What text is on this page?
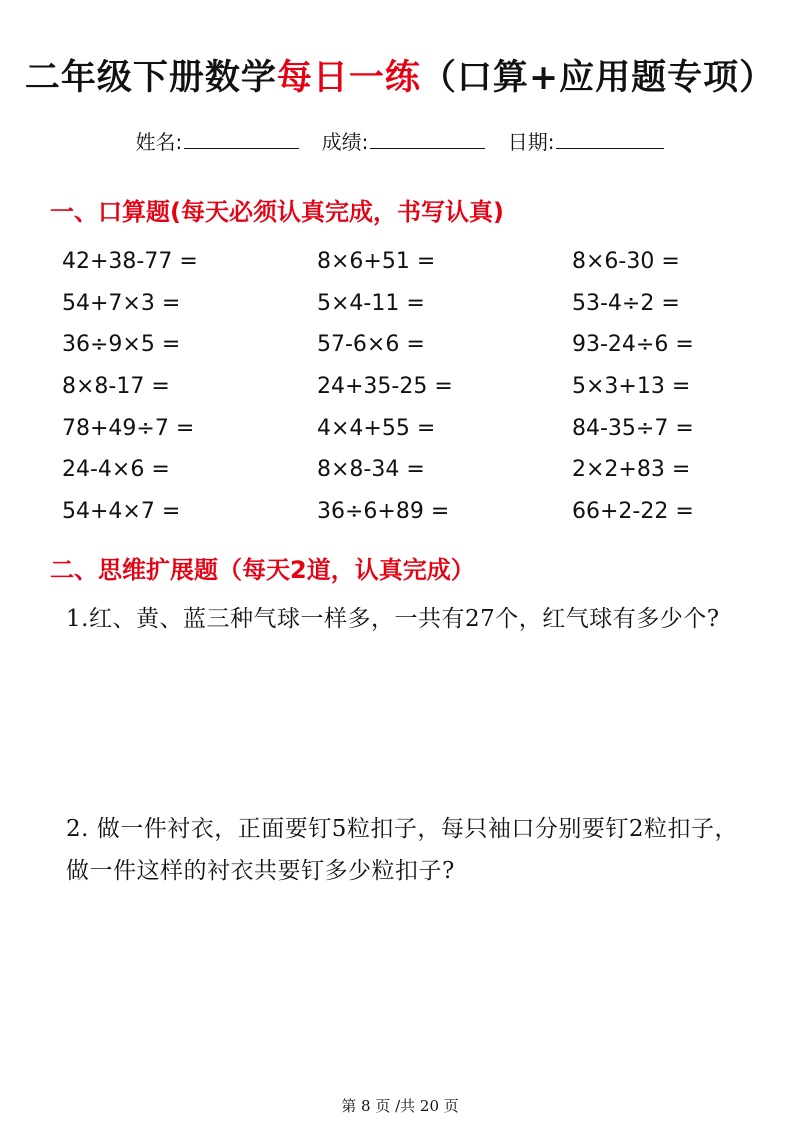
二年级下册数学每日一练（口算+应用题专项）
姓名:	成绩:	日期:
一、口算题(每天必须认真完成，书写认真)
42+38-77 =	8×6+51 =	8×6-30 =
54+7×3 =	5×4-11 =	53-4÷2 =
36÷9×5 =	57-6×6 =	93-24÷6 =
8×8-17 =	24+35-25 =	5×3+13 =
78+49÷7 =	4×4+55 =	84-35÷7 =
24-4×6 =	8×8-34 =	2×2+83 =
54+4×7 =	36÷6+89 =	66+2-22 =
二、思维扩展题（每天2道，认真完成）
1.红、黄、蓝三种气球一样多，一共有27个，红气球有多少个?
2. 做一件衬衣，正面要钉5粒扣子，每只袖口分别要钉2粒扣子，做一件这样的衬衣共要钉多少粒扣子?
第 8 页 /共 20 页
